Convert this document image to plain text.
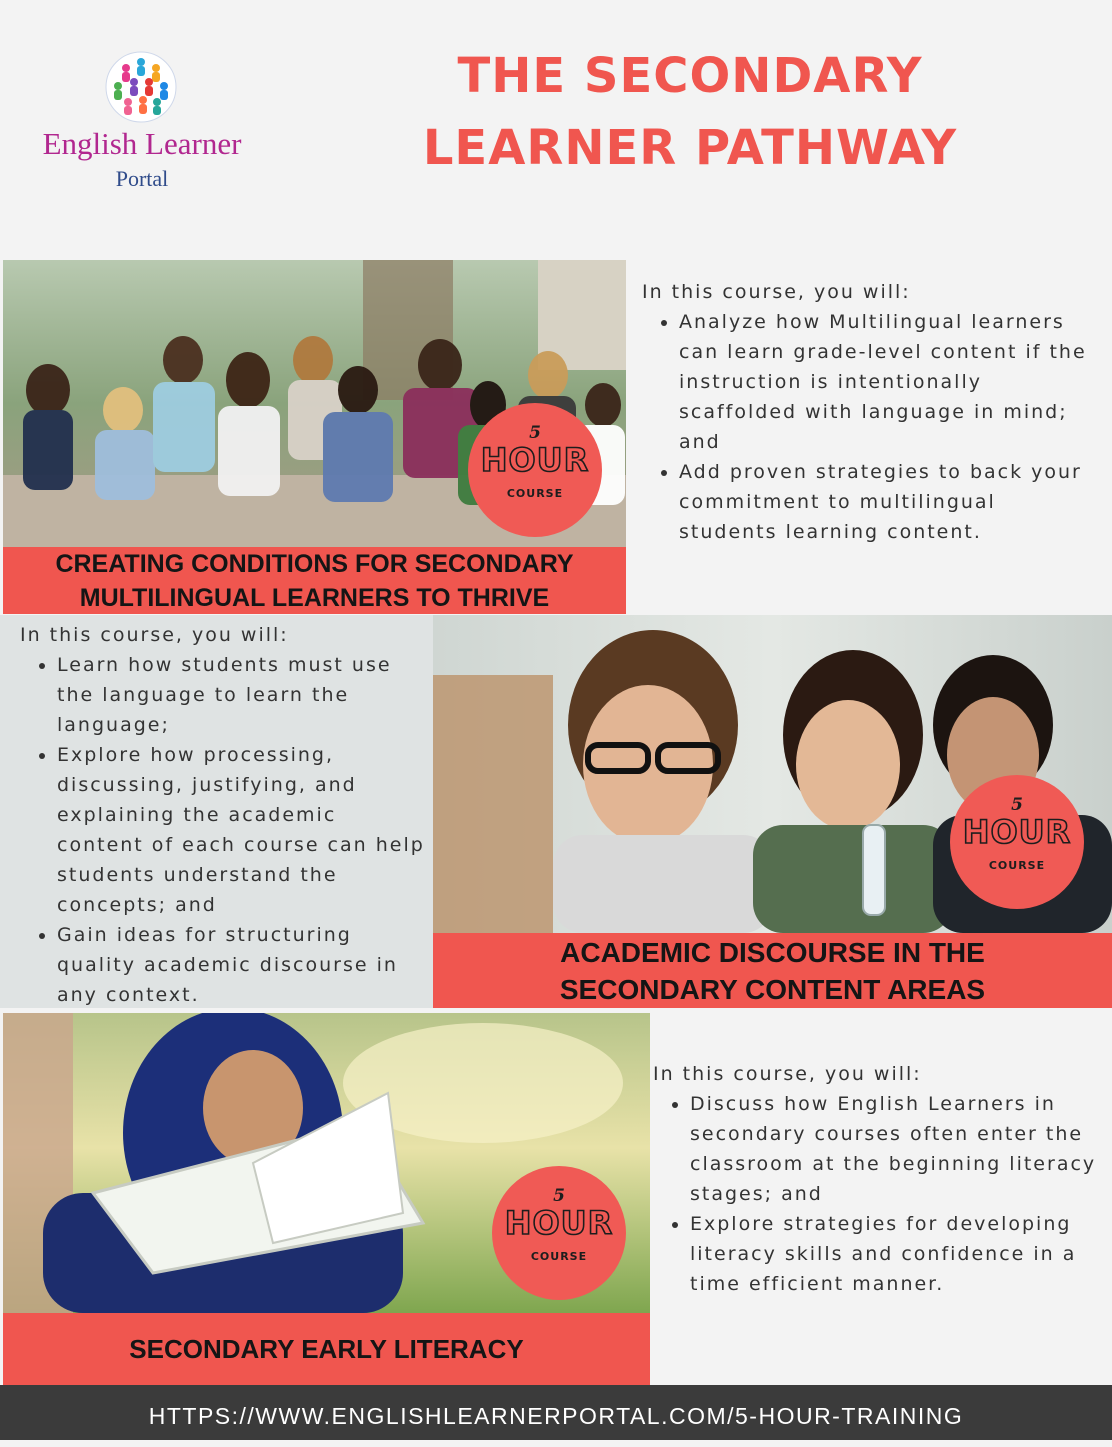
English Learner
Portal
THE SECONDARY
LEARNER PATHWAY
5
HOUR
COURSE
CREATING CONDITIONS FOR SECONDARY
MULTILINGUAL LEARNERS TO THRIVE
In this course, you will:
• Analyze how Multilingual learners can learn grade-level content if the instruction is intentionally scaffolded with language in mind; and
• Add proven strategies to back your commitment to multilingual students learning content.
In this course, you will:
• Learn how students must use the language to learn the language;
• Explore how processing, discussing, justifying, and explaining the academic content of each course can help students understand the concepts; and
• Gain ideas for structuring quality academic discourse in any context.
5
HOUR
COURSE
ACADEMIC DISCOURSE IN THE
SECONDARY CONTENT AREAS
5
HOUR
COURSE
SECONDARY EARLY LITERACY
In this course, you will:
• Discuss how English Learners in secondary courses often enter the classroom at the beginning literacy stages; and
• Explore strategies for developing literacy skills and confidence in a time efficient manner.
HTTPS://WWW.ENGLISHLEARNERPORTAL.COM/5-HOUR-TRAINING
